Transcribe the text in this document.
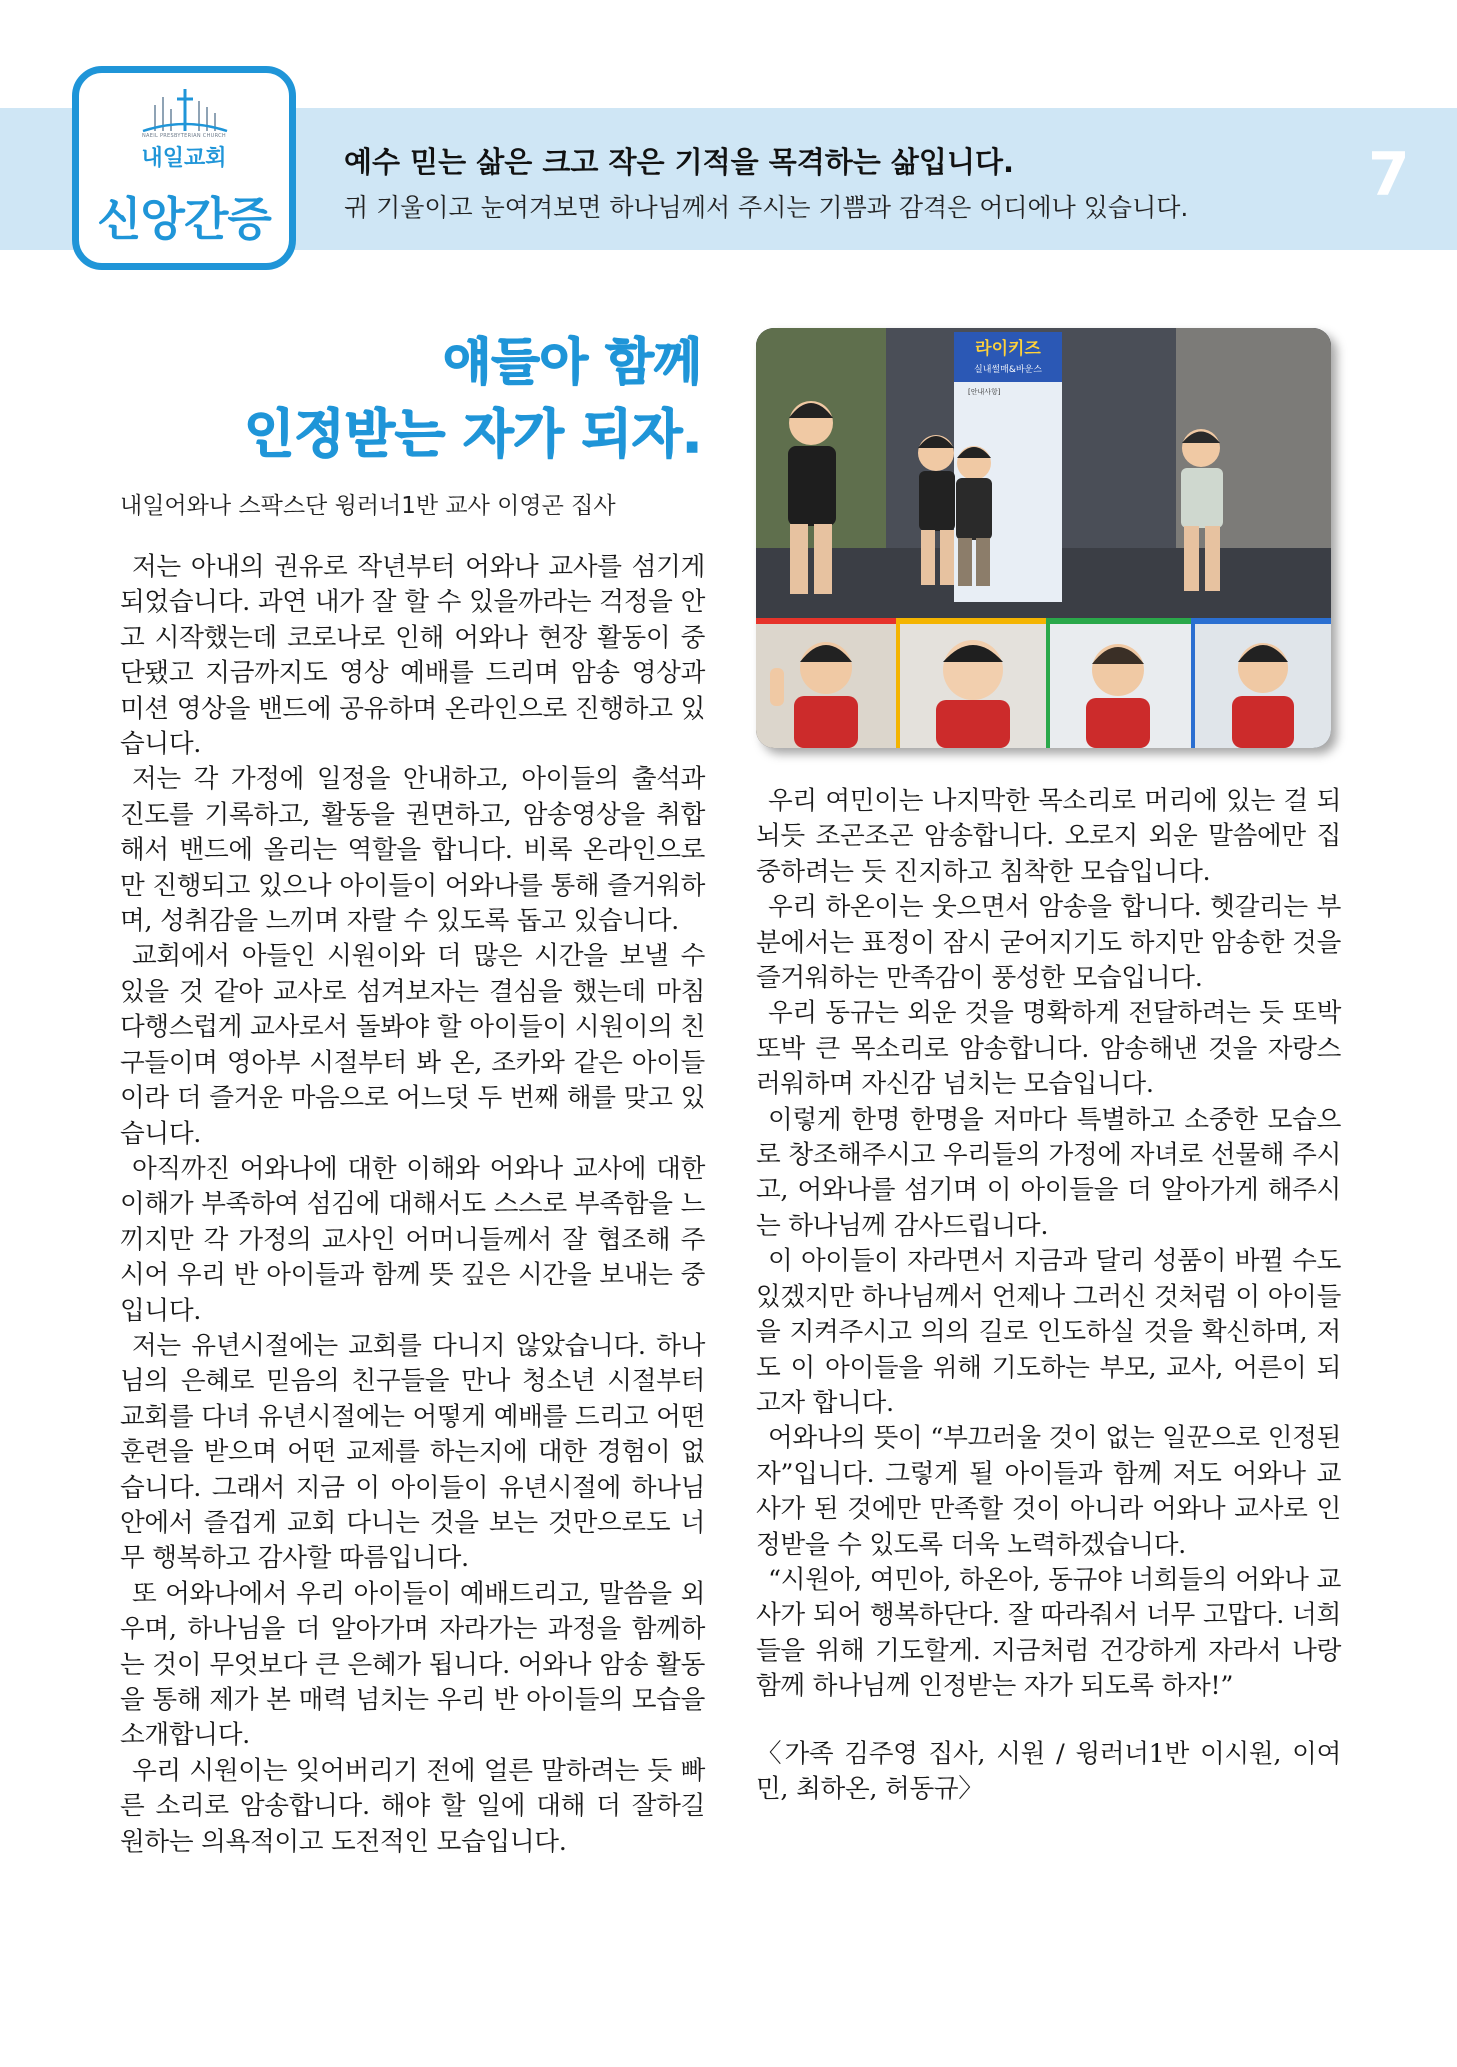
NAEIL PRESBYTERIAN CHURCH
내일교회
신앙간증
예수 믿는 삶은 크고 작은 기적을 목격하는 삶입니다.
귀 기울이고 눈여겨보면 하나님께서 주시는 기쁨과 감격은 어디에나 있습니다.	7
얘들아 함께
인정받는 자가 되자.
내일어와나 스팍스단 윙러너1반 교사 이영곤 집사

저는 아내의 권유로 작년부터 어와나 교사를 섬기게 되었습니다. 과연 내가 잘 할 수 있을까라는 걱정을 안고 시작했는데 코로나로 인해 어와나 현장 활동이 중단됐고 지금까지도 영상 예배를 드리며 암송 영상과 미션 영상을 밴드에 공유하며 온라인으로 진행하고 있습니다.

저는 각 가정에 일정을 안내하고, 아이들의 출석과 진도를 기록하고, 활동을 권면하고, 암송영상을 취합해서 밴드에 올리는 역할을 합니다. 비록 온라인으로만 진행되고 있으나 아이들이 어와나를 통해 즐거워하며, 성취감을 느끼며 자랄 수 있도록 돕고 있습니다.

교회에서 아들인 시원이와 더 많은 시간을 보낼 수 있을 것 같아 교사로 섬겨보자는 결심을 했는데 마침 다행스럽게 교사로서 돌봐야 할 아이들이 시원이의 친구들이며 영아부 시절부터 봐 온, 조카와 같은 아이들이라 더 즐거운 마음으로 어느덧 두 번째 해를 맞고 있습니다.

아직까진 어와나에 대한 이해와 어와나 교사에 대한 이해가 부족하여 섬김에 대해서도 스스로 부족함을 느끼지만 각 가정의 교사인 어머니들께서 잘 협조해 주시어 우리 반 아이들과 함께 뜻 깊은 시간을 보내는 중입니다.

저는 유년시절에는 교회를 다니지 않았습니다. 하나님의 은혜로 믿음의 친구들을 만나 청소년 시절부터 교회를 다녀 유년시절에는 어떻게 예배를 드리고 어떤 훈련을 받으며 어떤 교제를 하는지에 대한 경험이 없습니다. 그래서 지금 이 아이들이 유년시절에 하나님 안에서 즐겁게 교회 다니는 것을 보는 것만으로도 너무 행복하고 감사할 따름입니다.

또 어와나에서 우리 아이들이 예배드리고, 말씀을 외우며, 하나님을 더 알아가며 자라가는 과정을 함께하는 것이 무엇보다 큰 은혜가 됩니다. 어와나 암송 활동을 통해 제가 본 매력 넘치는 우리 반 아이들의 모습을 소개합니다.

우리 시원이는 잊어버리기 전에 얼른 말하려는 듯 빠른 소리로 암송합니다. 해야 할 일에 대해 더 잘하길 원하는 의욕적이고 도전적인 모습입니다.

라이키즈
실내썰매&바운스
[안내사항]

우리 여민이는 나지막한 목소리로 머리에 있는 걸 되뇌듯 조곤조곤 암송합니다. 오로지 외운 말씀에만 집중하려는 듯 진지하고 침착한 모습입니다.

우리 하온이는 웃으면서 암송을 합니다. 헷갈리는 부분에서는 표정이 잠시 굳어지기도 하지만 암송한 것을 즐거워하는 만족감이 풍성한 모습입니다.

우리 동규는 외운 것을 명확하게 전달하려는 듯 또박또박 큰 목소리로 암송합니다. 암송해낸 것을 자랑스러워하며 자신감 넘치는 모습입니다.

이렇게 한명 한명을 저마다 특별하고 소중한 모습으로 창조해주시고 우리들의 가정에 자녀로 선물해 주시고, 어와나를 섬기며 이 아이들을 더 알아가게 해주시는 하나님께 감사드립니다.

이 아이들이 자라면서 지금과 달리 성품이 바뀔 수도 있겠지만 하나님께서 언제나 그러신 것처럼 이 아이들을 지켜주시고 의의 길로 인도하실 것을 확신하며, 저도 이 아이들을 위해 기도하는 부모, 교사, 어른이 되고자 합니다.

어와나의 뜻이 “부끄러울 것이 없는 일꾼으로 인정된 자”입니다. 그렇게 될 아이들과 함께 저도 어와나 교사가 된 것에만 만족할 것이 아니라 어와나 교사로 인정받을 수 있도록 더욱 노력하겠습니다.

“시원아, 여민아, 하온아, 동규야 너희들의 어와나 교사가 되어 행복하단다. 잘 따라줘서 너무 고맙다. 너희들을 위해 기도할게. 지금처럼 건강하게 자라서 나랑 함께 하나님께 인정받는 자가 되도록 하자!”

〈가족 김주영 집사, 시원 / 윙러너1반 이시원, 이여민, 최하온, 허동규〉
